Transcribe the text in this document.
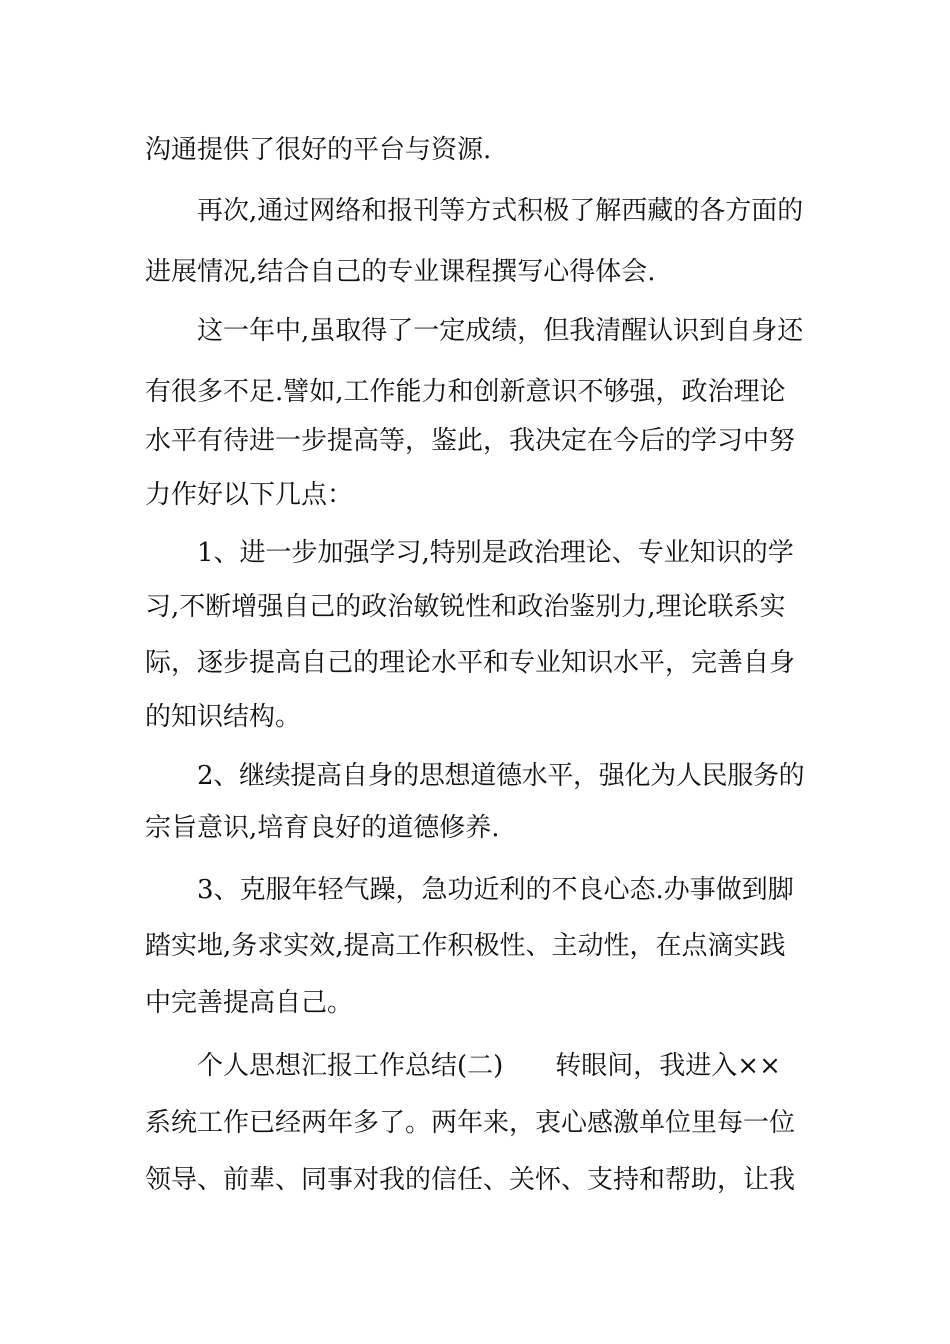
沟通提供了很好的平台与资源.
再次,通过网络和报刊等方式积极了解西藏的各方面的
进展情况,结合自己的专业课程撰写心得体会.
这一年中,虽取得了一定成绩，但我清醒认识到自身还
有很多不足.譬如,工作能力和创新意识不够强，政治理论
水平有待进一步提高等，鉴此，我决定在今后的学习中努
力作好以下几点：
1、进一步加强学习,特别是政治理论、专业知识的学
习,不断增强自己的政治敏锐性和政治鉴别力,理论联系实
际，逐步提高自己的理论水平和专业知识水平，完善自身
的知识结构。
2、继续提高自身的思想道德水平，强化为人民服务的
宗旨意识,培育良好的道德修养.
3、克服年轻气躁，急功近利的不良心态.办事做到脚
踏实地,务求实效,提高工作积极性、主动性，在点滴实践
中完善提高自己。
个人思想汇报工作总结(二)　　转眼间，我进入××
系统工作已经两年多了。两年来，衷心感激单位里每一位
领导、前辈、同事对我的信任、关怀、支持和帮助，让我
